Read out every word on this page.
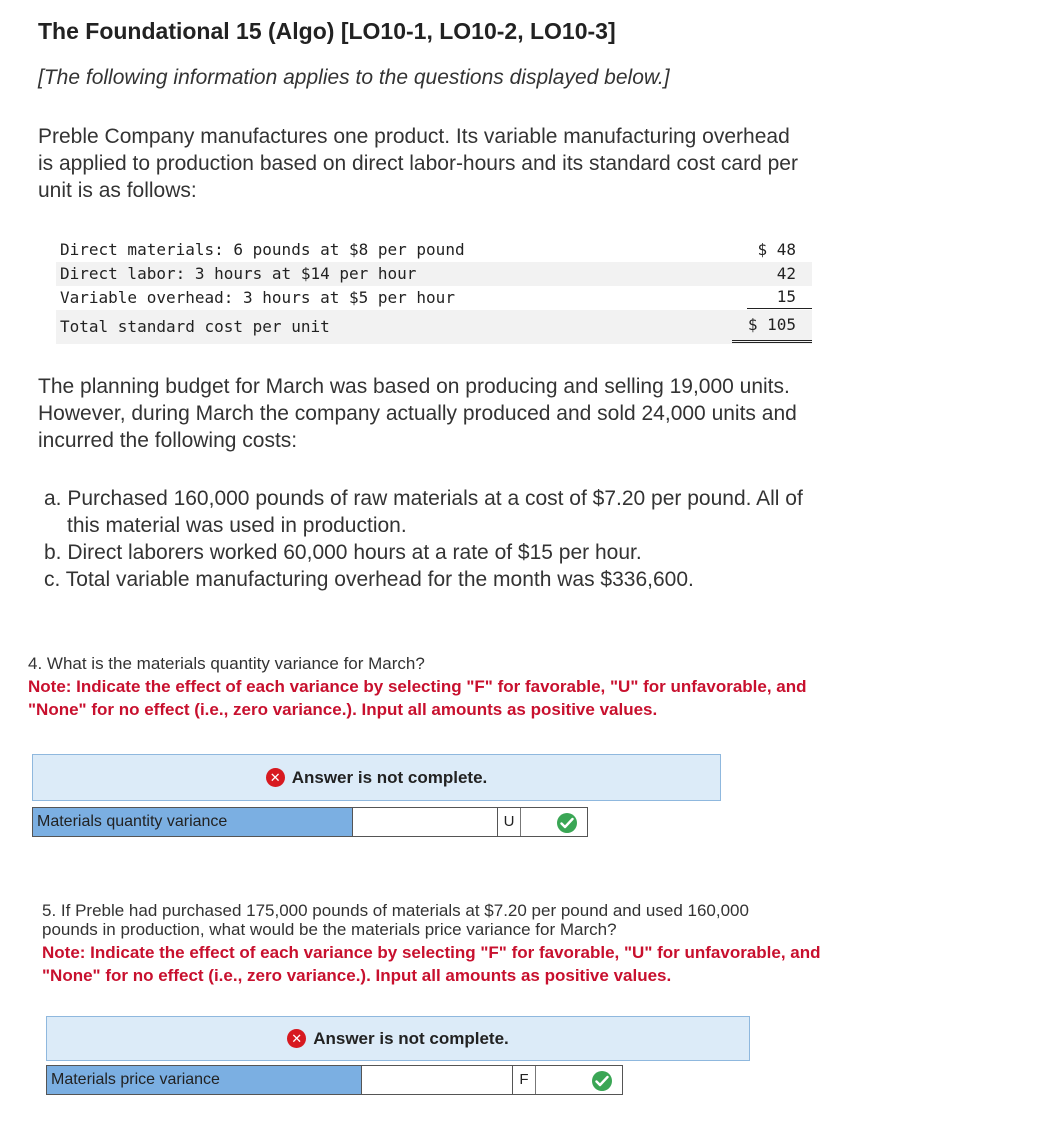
The Foundational 15 (Algo) [LO10-1, LO10-2, LO10-3]
[The following information applies to the questions displayed below.]
Preble Company manufactures one product. Its variable manufacturing overhead
is applied to production based on direct labor-hours and its standard cost card per
unit is as follows:
Direct materials: 6 pounds at $8 per pound	$ 48
Direct labor: 3 hours at $14 per hour	42
Variable overhead: 3 hours at $5 per hour	15
Total standard cost per unit	$ 105
The planning budget for March was based on producing and selling 19,000 units.
However, during March the company actually produced and sold 24,000 units and
incurred the following costs:
a. Purchased 160,000 pounds of raw materials at a cost of $7.20 per pound. All of
this material was used in production.
b. Direct laborers worked 60,000 hours at a rate of $15 per hour.
c. Total variable manufacturing overhead for the month was $336,600.
4. What is the materials quantity variance for March?
Note: Indicate the effect of each variance by selecting "F" for favorable, "U" for unfavorable, and
"None" for no effect (i.e., zero variance.). Input all amounts as positive values.
✕ Answer is not complete.
Materials quantity variance	U
5. If Preble had purchased 175,000 pounds of materials at $7.20 per pound and used 160,000
pounds in production, what would be the materials price variance for March?
Note: Indicate the effect of each variance by selecting "F" for favorable, "U" for unfavorable, and
"None" for no effect (i.e., zero variance.). Input all amounts as positive values.
✕ Answer is not complete.
Materials price variance	F
